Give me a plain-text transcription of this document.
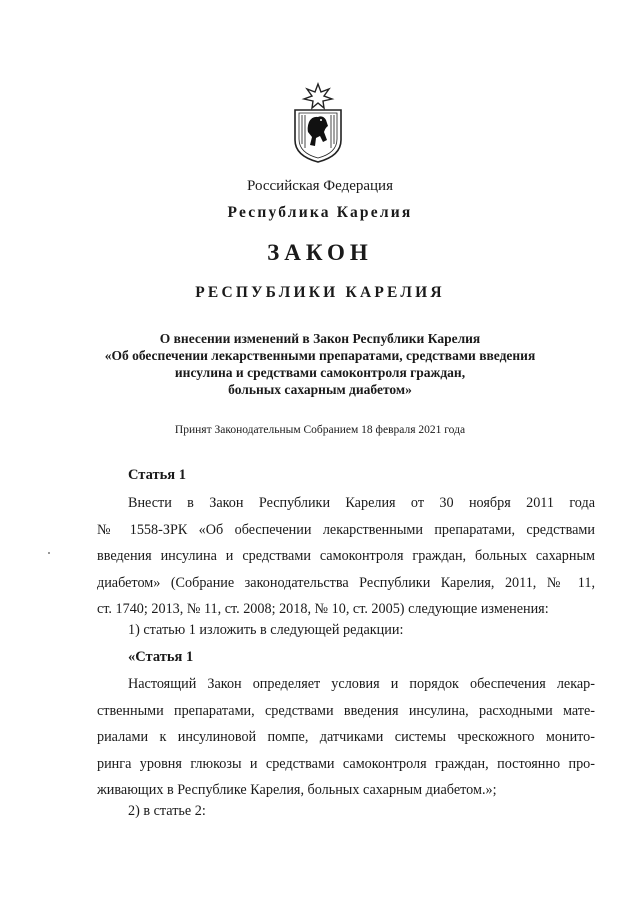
Российская Федерация
Республика Карелия
ЗАКОН
РЕСПУБЛИКИ КАРЕЛИЯ
О внесении изменений в Закон Республики Карелия
«Об обеспечении лекарственными препаратами, средствами введения
инсулина и средствами самоконтроля граждан,
больных сахарным диабетом»
Принят Законодательным Собранием 18 февраля 2021 года
Статья 1
Внести в Закон Республики Карелия от 30 ноября 2011 года
№ 1558-ЗРК «Об обеспечении лекарственными препаратами, средствами
введения инсулина и средствами самоконтроля граждан, больных сахарным
диабетом» (Собрание законодательства Республики Карелия, 2011, № 11,
ст. 1740; 2013, № 11, ст. 2008; 2018, № 10, ст. 2005) следующие изменения:
1) статью 1 изложить в следующей редакции:
«Статья 1
Настоящий Закон определяет условия и порядок обеспечения лекар-
ственными препаратами, средствами введения инсулина, расходными мате-
риалами к инсулиновой помпе, датчиками системы чрескожного монито-
ринга уровня глюкозы и средствами самоконтроля граждан, постоянно про-
живающих в Республике Карелия, больных сахарным диабетом.»;
2) в статье 2:
